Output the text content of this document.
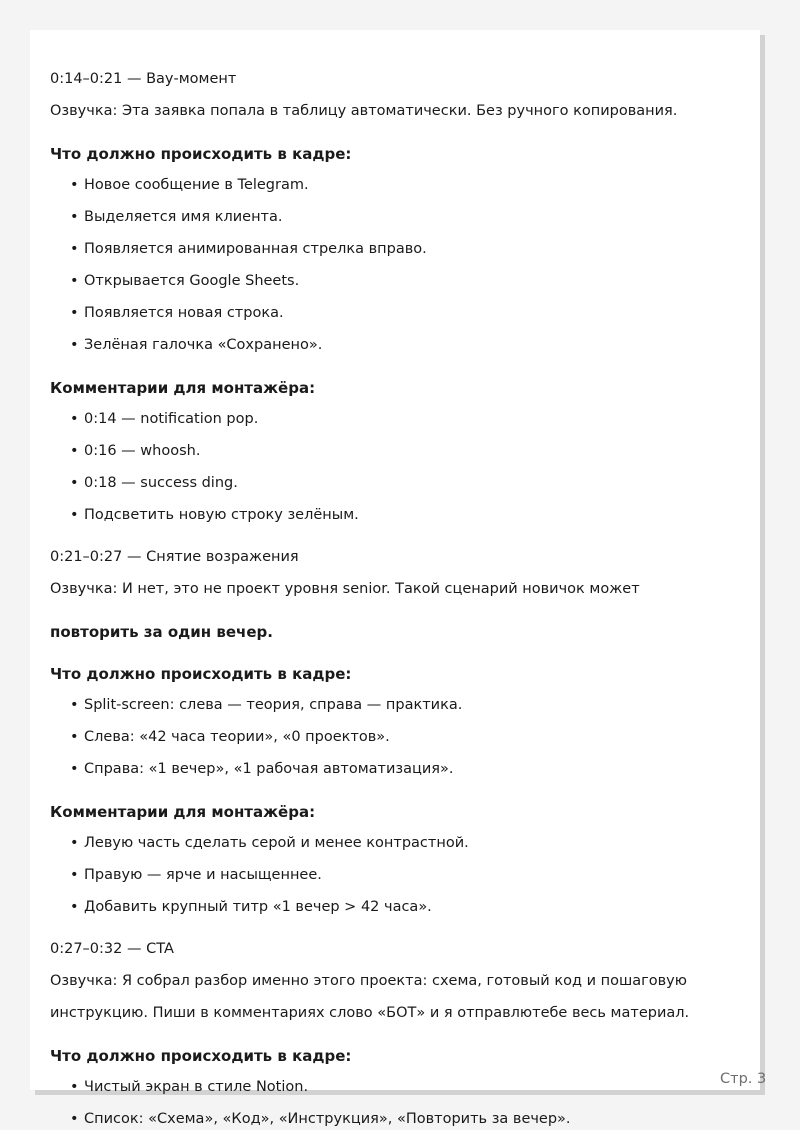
0:14–0:21 — Вау-момент
Озвучка: Эта заявка попала в таблицу автоматически. Без ручного копирования.
Что должно происходить в кадре:
• Новое сообщение в Telegram.
• Выделяется имя клиента.
• Появляется анимированная стрелка вправо.
• Открывается Google Sheets.
• Появляется новая строка.
• Зелёная галочка «Сохранено».
Комментарии для монтажёра:
• 0:14 — notification pop.
• 0:16 — whoosh.
• 0:18 — success ding.
• Подсветить новую строку зелёным.
0:21–0:27 — Снятие возражения
Озвучка: И нет, это не проект уровня senior. Такой сценарий новичок может
повторить за один вечер.
Что должно происходить в кадре:
• Split-screen: слева — теория, справа — практика.
• Слева: «42 часа теории», «0 проектов».
• Справа: «1 вечер», «1 рабочая автоматизация».
Комментарии для монтажёра:
• Левую часть сделать серой и менее контрастной.
• Правую — ярче и насыщеннее.
• Добавить крупный титр «1 вечер > 42 часа».
0:27–0:32 — CTA
Озвучка: Я собрал разбор именно этого проекта: схема, готовый код и пошаговую
инструкцию. Пиши в комментариях слово «БОТ» и я отправлютебе весь материал.
Что должно происходить в кадре:
• Чистый экран в стиле Notion.
• Список: «Схема», «Код», «Инструкция», «Повторить за вечер».
Стр. 3
